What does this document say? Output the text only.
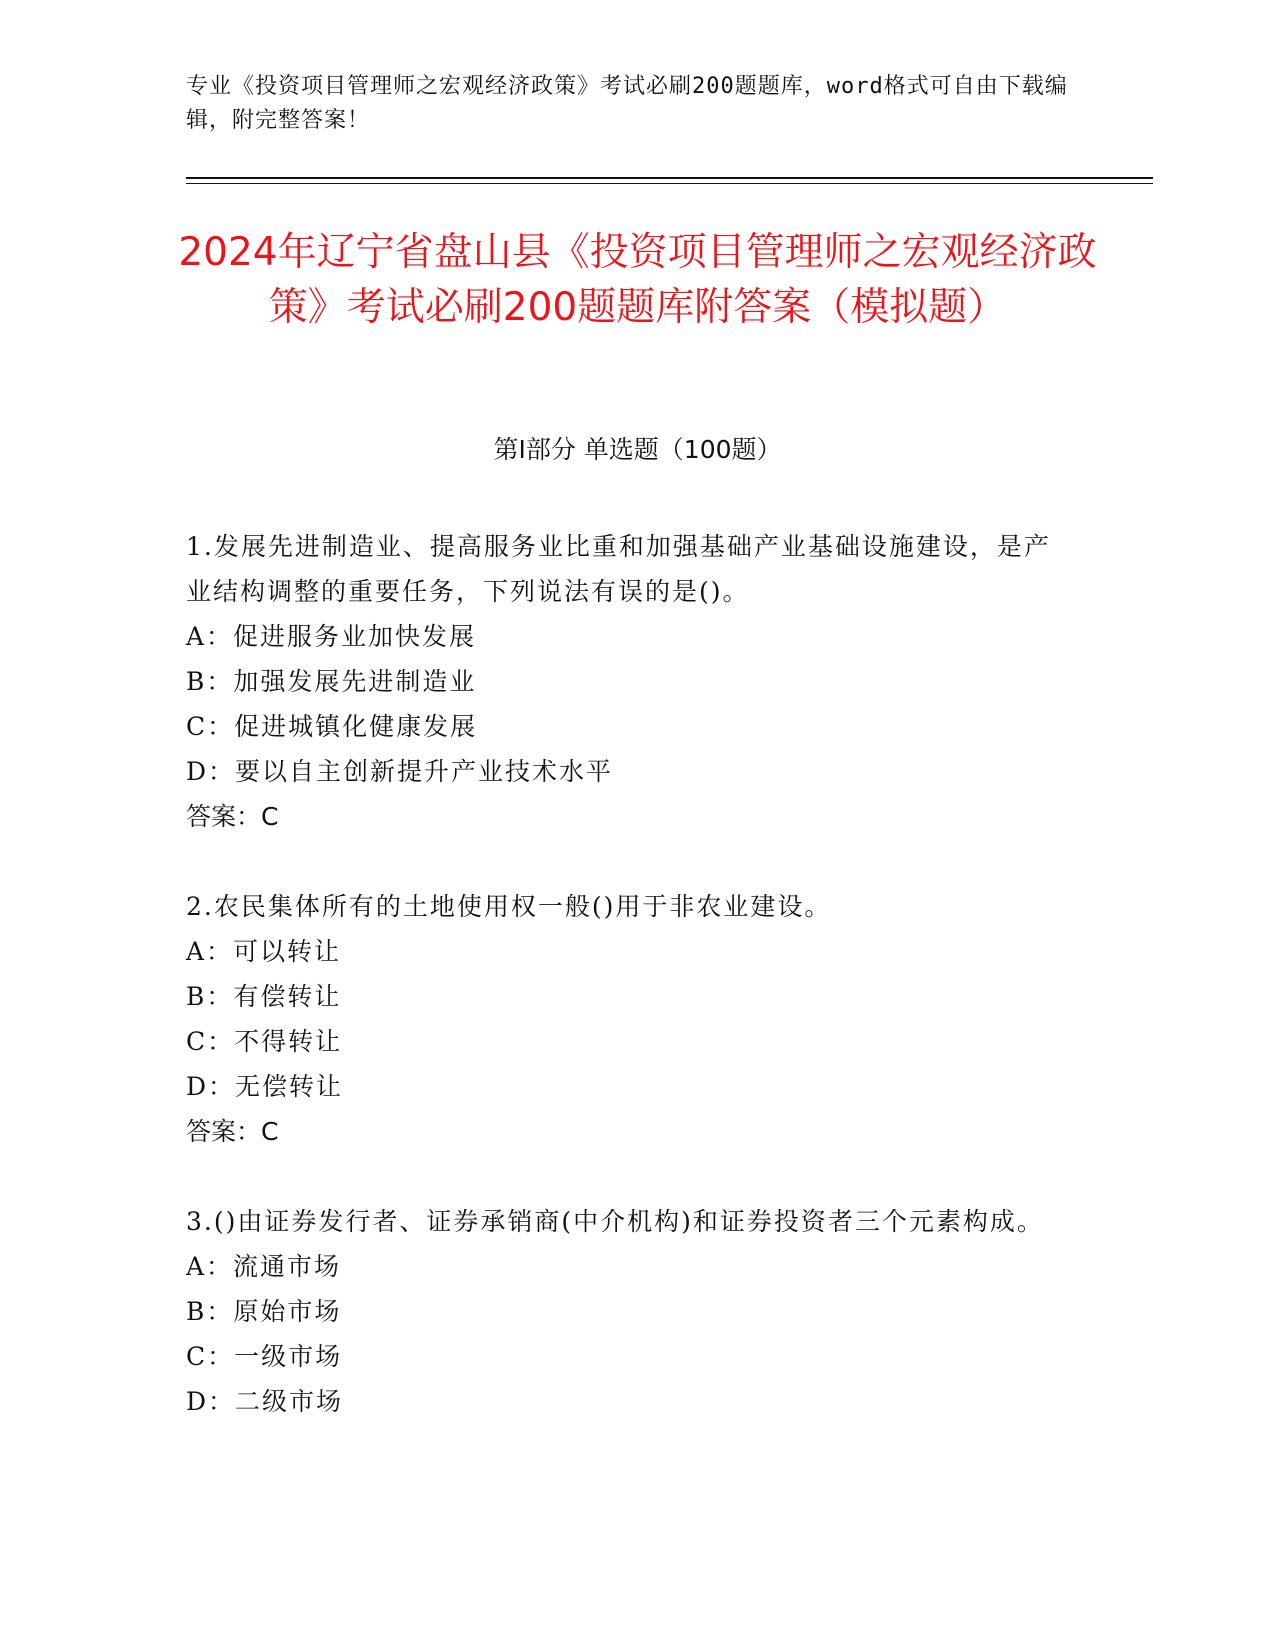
专业《投资项目管理师之宏观经济政策》考试必刷200题题库，word格式可自由下载编辑，附完整答案！
2024年辽宁省盘山县《投资项目管理师之宏观经济政策》考试必刷200题题库附答案（模拟题）
第Ⅰ部分 单选题（100题）

1.发展先进制造业、提高服务业比重和加强基础产业基础设施建设，是产业结构调整的重要任务，下列说法有误的是()。

A：促进服务业加快发展

B：加强发展先进制造业

C：促进城镇化健康发展

D：要以自主创新提升产业技术水平

答案：C

2.农民集体所有的土地使用权一般()用于非农业建设。

A：可以转让

B：有偿转让

C：不得转让

D：无偿转让

答案：C

3.()由证券发行者、证券承销商(中介机构)和证券投资者三个元素构成。

A：流通市场

B：原始市场

C：一级市场

D：二级市场
